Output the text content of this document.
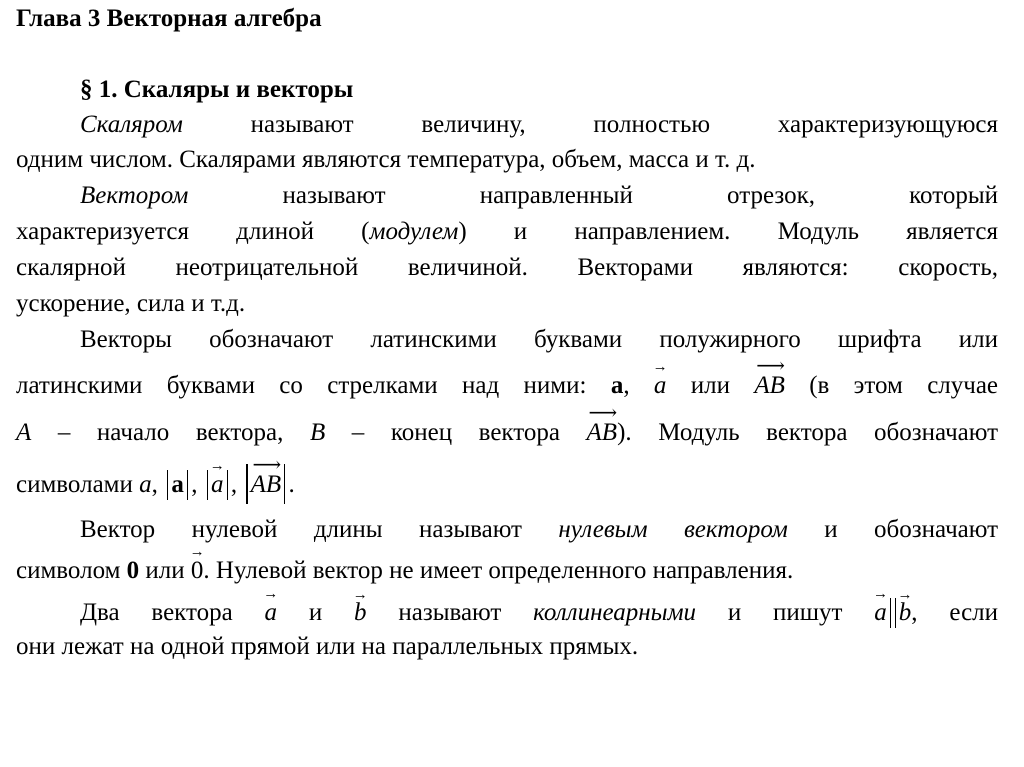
Глава 3 Векторная алгебра
§ 1. Скаляры и векторы
Скаляром	называют величину, полностью характеризующуюся
одним числом. Скалярами являются температура, объем, масса и т. д.
Вектором	называют направленный отрезок, который
характеризуется длиной (модулем) и направлением. Модуль является
скалярной неотрицательной величиной. Векторами являются: скорость,
ускорение, сила и т.д.
Векторы обозначают латинскими буквами полужирного шрифта или
латинскими буквами со стрелками над ними: a,
→
a или
⟶
AB (в этом случае
A – начало вектора, B – конец вектора
⟶
AB). Модуль вектора обозначают
символами a, a ,
→
a ,
⟶
AB .
Вектор нулевой длины называют нулевым вектором и обозначают
символом 0 или
→
0. Нулевой вектор не имеет определенного направления.
Два вектора
→
a и
→
b называют коллинеарными и пишут
→
a
→
b, если
они лежат на одной прямой или на параллельных прямых.
